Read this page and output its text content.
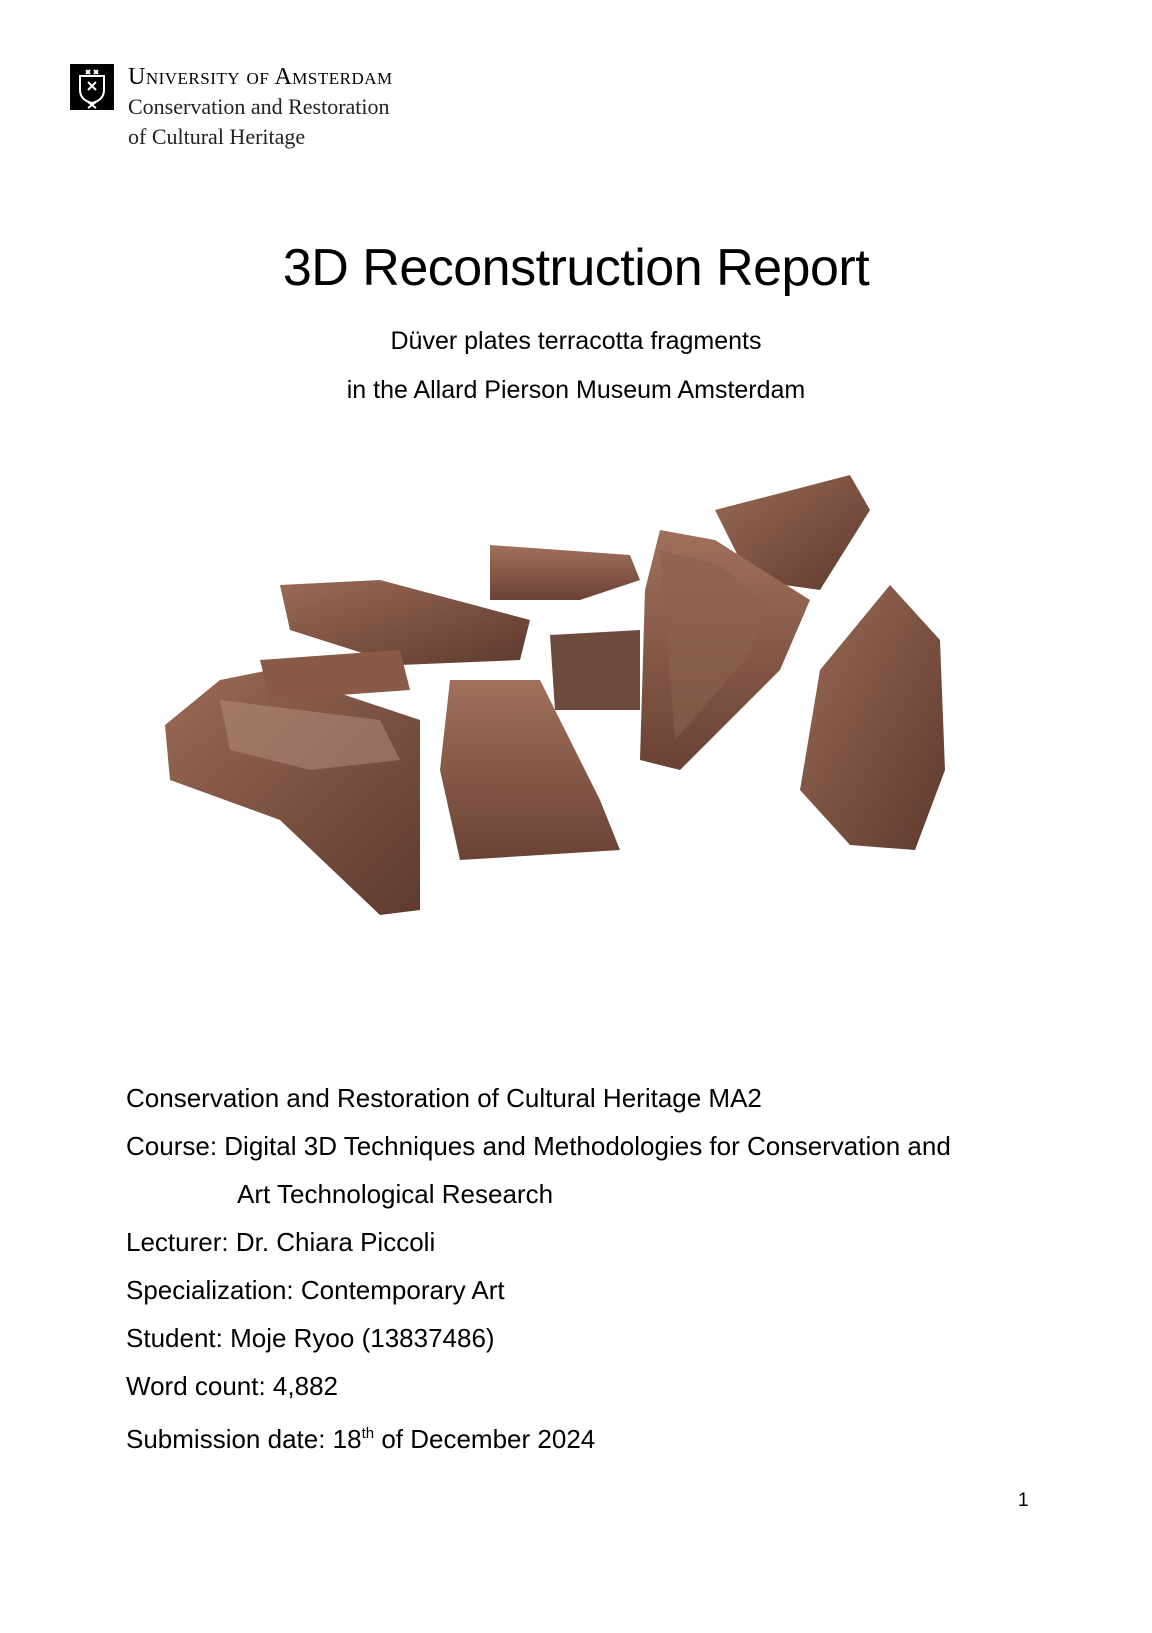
University of Amsterdam
Conservation and Restoration
of Cultural Heritage
3D Reconstruction Report
Düver plates terracotta fragments
in the Allard Pierson Museum Amsterdam
Conservation and Restoration of Cultural Heritage MA2
Course: Digital 3D Techniques and Methodologies for Conservation and
Art Technological Research
Lecturer: Dr. Chiara Piccoli
Specialization: Contemporary Art
Student: Moje Ryoo (13837486)
Word count: 4,882
Submission date: 18th of December 2024
1
